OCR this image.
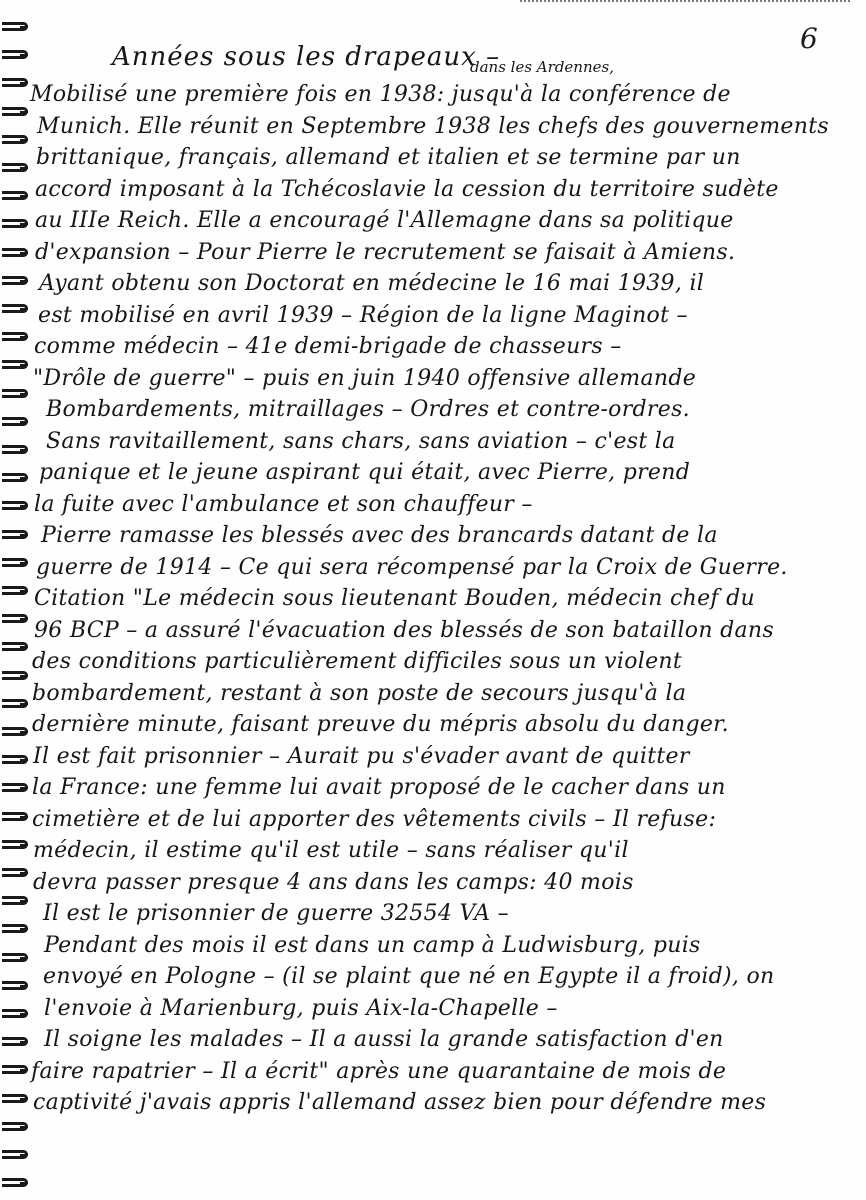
6
Années sous les drapeaux –
dans les Ardennes,
Mobilisé une première fois en 1938: jusqu'à la conférence de
Munich. Elle réunit en Septembre 1938 les chefs des gouvernements
brittanique, français, allemand et italien et se termine par un
accord imposant à la Tchécoslavie la cession du territoire sudète
au IIIe Reich. Elle a encouragé l'Allemagne dans sa politique
d'expansion – Pour Pierre le recrutement se faisait à Amiens.
Ayant obtenu son Doctorat en médecine le 16 mai 1939, il
est mobilisé en avril 1939 – Région de la ligne Maginot –
comme médecin – 41e demi-brigade de chasseurs –
"Drôle de guerre" – puis en juin 1940 offensive allemande
Bombardements, mitraillages – Ordres et contre-ordres.
Sans ravitaillement, sans chars, sans aviation – c'est la
panique et le jeune aspirant qui était, avec Pierre, prend
la fuite avec l'ambulance et son chauffeur –
Pierre ramasse les blessés avec des brancards datant de la
guerre de 1914 – Ce qui sera récompensé par la Croix de Guerre.
Citation "Le médecin sous lieutenant Bouden, médecin chef du
96 BCP – a assuré l'évacuation des blessés de son bataillon dans
des conditions particulièrement difficiles sous un violent
bombardement, restant à son poste de secours jusqu'à la
dernière minute, faisant preuve du mépris absolu du danger.
Il est fait prisonnier – Aurait pu s'évader avant de quitter
la France: une femme lui avait proposé de le cacher dans un
cimetière et de lui apporter des vêtements civils – Il refuse:
médecin, il estime qu'il est utile – sans réaliser qu'il
devra passer presque 4 ans dans les camps: 40 mois
Il est le prisonnier de guerre 32554 VA –
Pendant des mois il est dans un camp à Ludwisburg, puis
envoyé en Pologne – (il se plaint que né en Egypte il a froid), on
l'envoie à Marienburg, puis Aix-la-Chapelle –
Il soigne les malades – Il a aussi la grande satisfaction d'en
faire rapatrier – Il a écrit" après une quarantaine de mois de
captivité j'avais appris l'allemand assez bien pour défendre mes
